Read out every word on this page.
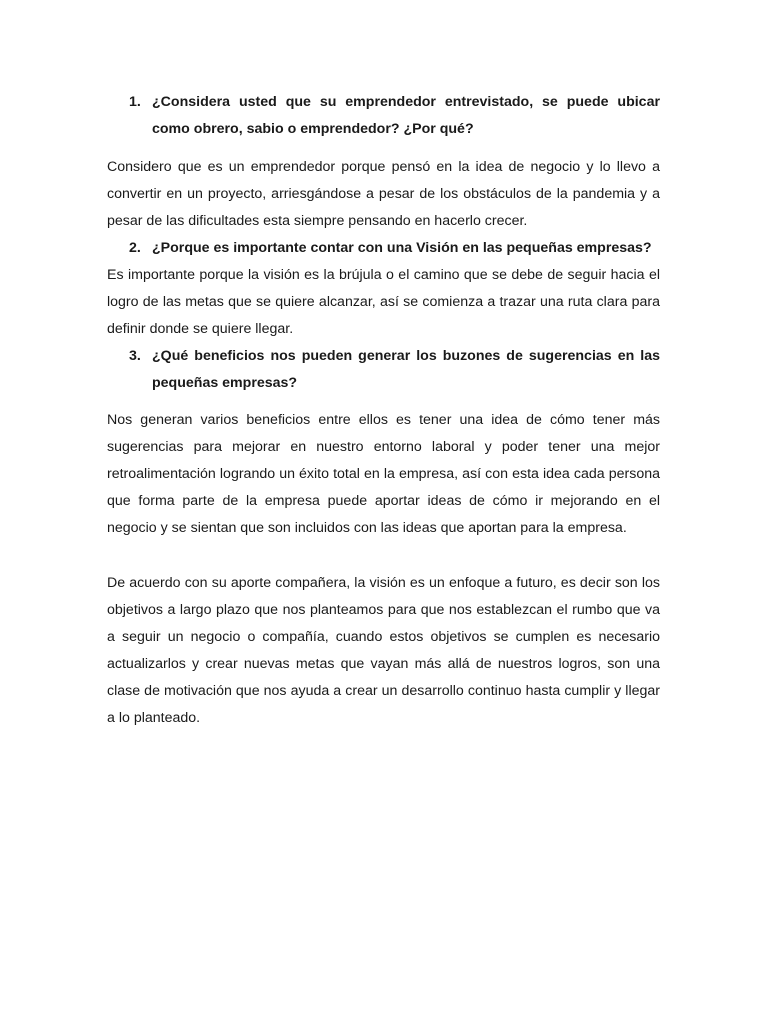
1. ¿Considera usted que su emprendedor entrevistado, se puede ubicar como obrero, sabio o emprendedor? ¿Por qué?

Considero que es un emprendedor porque pensó en la idea de negocio y lo llevo a convertir en un proyecto, arriesgándose a pesar de los obstáculos de la pandemia y a pesar de las dificultades esta siempre pensando en hacerlo crecer.

2. ¿Porque es importante contar con una Visión en las pequeñas empresas?

Es importante porque la visión es la brújula o el camino que se debe de seguir hacia el logro de las metas que se quiere alcanzar, así se comienza a trazar una ruta clara para definir donde se quiere llegar.

3. ¿Qué beneficios nos pueden generar los buzones de sugerencias en las pequeñas empresas?

Nos generan varios beneficios entre ellos es tener una idea de cómo tener más sugerencias para mejorar en nuestro entorno laboral y poder tener una mejor retroalimentación logrando un éxito total en la empresa, así con esta idea cada persona que forma parte de la empresa puede aportar ideas de cómo ir mejorando en el negocio y se sientan que son incluidos con las ideas que aportan para la empresa.

De acuerdo con su aporte compañera, la visión es un enfoque a futuro, es decir son los objetivos a largo plazo que nos planteamos para que nos establezcan el rumbo que va a seguir un negocio o compañía, cuando estos objetivos se cumplen es necesario actualizarlos y crear nuevas metas que vayan más allá de nuestros logros, son una clase de motivación que nos ayuda a crear un desarrollo continuo hasta cumplir y llegar a lo planteado.
